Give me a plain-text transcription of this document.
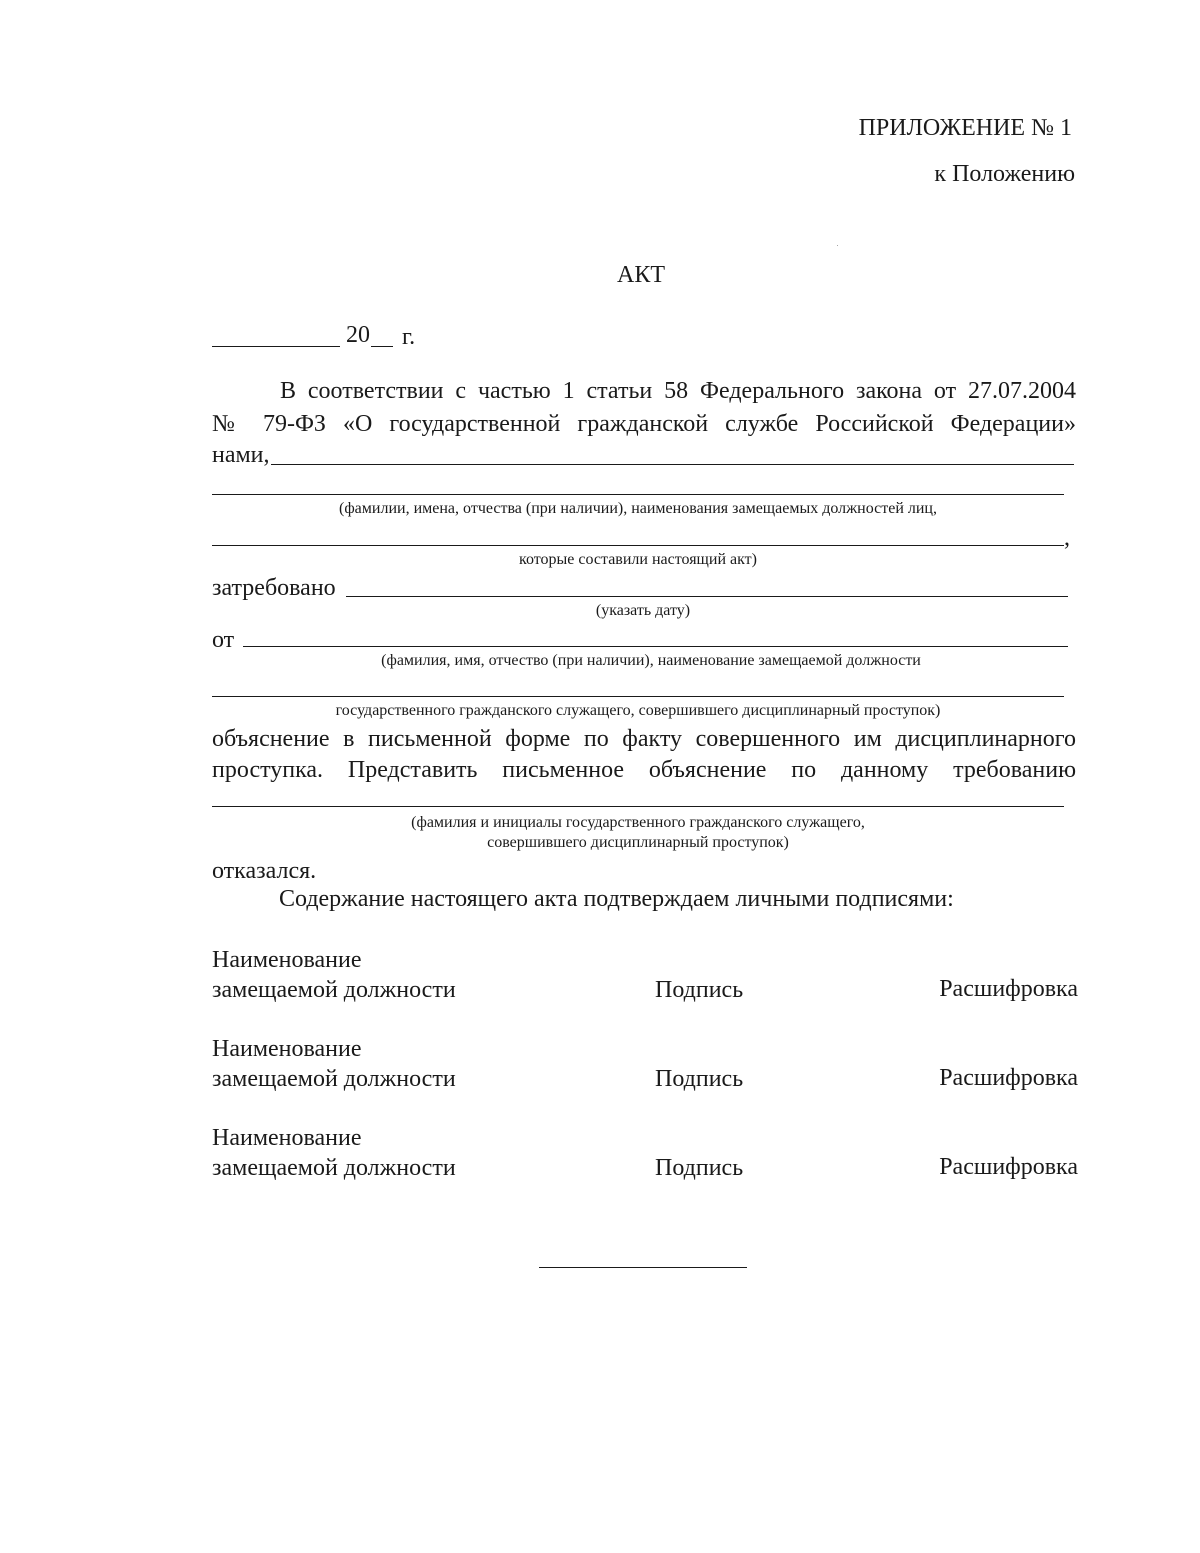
ПРИЛОЖЕНИЕ № 1
к Положению
АКТ
20 г.
В соответствии с частью 1 статьи 58 Федерального закона от 27.07.2004
№ 79-ФЗ «О государственной гражданской службе Российской Федерации»
нами,
(фамилии, имена, отчества (при наличии), наименования замещаемых должностей лиц,
,
которые составили настоящий акт)
затребовано
(указать дату)
от
(фамилия, имя, отчество (при наличии), наименование замещаемой должности
государственного гражданского служащего, совершившего дисциплинарный проступок)
объяснение в письменной форме по факту совершенного им дисциплинарного
проступка. Представить письменное объяснение по данному требованию
(фамилия и инициалы государственного гражданского служащего,
совершившего дисциплинарный проступок)
отказался.
Содержание настоящего акта подтверждаем личными подписями:
Наименование
замещаемой должности	Подпись	Расшифровка
Наименование
замещаемой должности	Подпись	Расшифровка
Наименование
замещаемой должности	Подпись	Расшифровка
